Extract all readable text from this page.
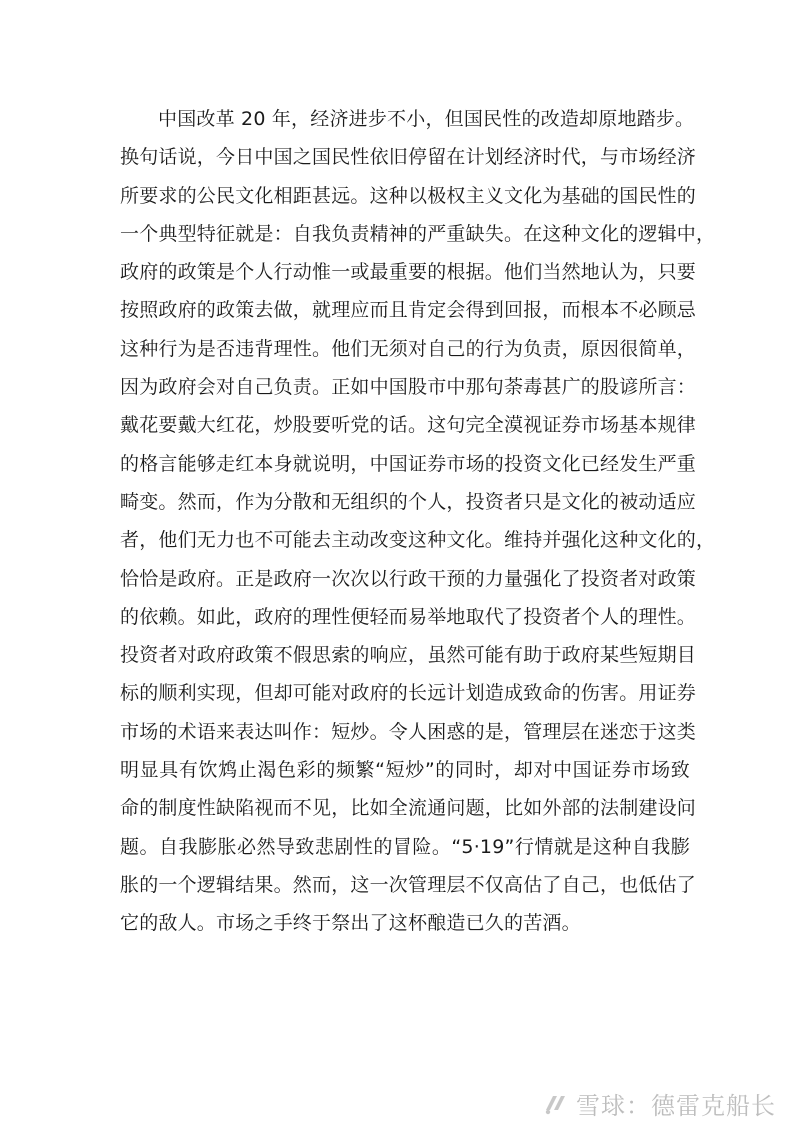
中国改革 20 年，经济进步不小，但国民性的改造却原地踏步。
换句话说，今日中国之国民性依旧停留在计划经济时代，与市场经济
所要求的公民文化相距甚远。这种以极权主义文化为基础的国民性的
一个典型特征就是：自我负责精神的严重缺失。在这种文化的逻辑中，
政府的政策是个人行动惟一或最重要的根据。他们当然地认为，只要
按照政府的政策去做，就理应而且肯定会得到回报，而根本不必顾忌
这种行为是否违背理性。他们无须对自己的行为负责，原因很简单，
因为政府会对自己负责。正如中国股市中那句荼毒甚广的股谚所言：
戴花要戴大红花，炒股要听党的话。这句完全漠视证券市场基本规律
的格言能够走红本身就说明，中国证券市场的投资文化已经发生严重
畸变。然而，作为分散和无组织的个人，投资者只是文化的被动适应
者，他们无力也不可能去主动改变这种文化。维持并强化这种文化的，
恰恰是政府。正是政府一次次以行政干预的力量强化了投资者对政策
的依赖。如此，政府的理性便轻而易举地取代了投资者个人的理性。
投资者对政府政策不假思索的响应，虽然可能有助于政府某些短期目
标的顺利实现，但却可能对政府的长远计划造成致命的伤害。用证券
市场的术语来表达叫作：短炒。令人困惑的是，管理层在迷恋于这类
明显具有饮鸩止渴色彩的频繁“短炒”的同时，却对中国证券市场致
命的制度性缺陷视而不见，比如全流通问题，比如外部的法制建设问
题。自我膨胀必然导致悲剧性的冒险。“5·19”行情就是这种自我膨
胀的一个逻辑结果。然而，这一次管理层不仅高估了自己，也低估了
它的敌人。市场之手终于祭出了这杯酿造已久的苦酒。
雪球：德雷克船长
